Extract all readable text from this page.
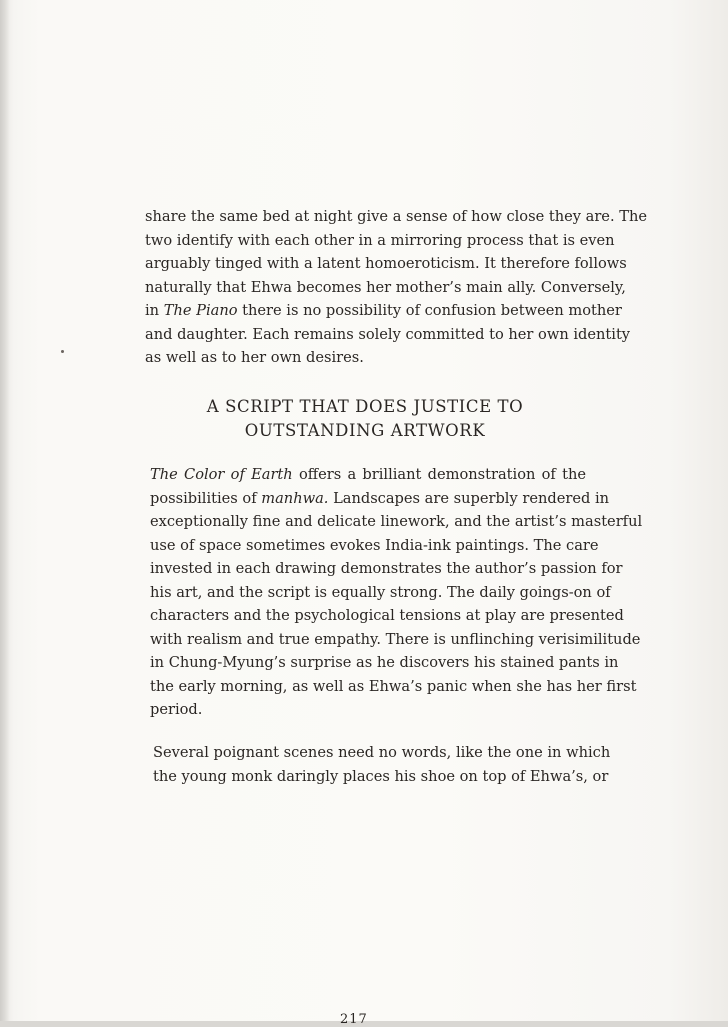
share the same bed at night give a sense of how close they are. The
two identify with each other in a mirroring process that is even
arguably tinged with a latent homoeroticism. It therefore follows
naturally that Ehwa becomes her mother’s main ally. Conversely,
in The Piano there is no possibility of confusion between mother
and daughter. Each remains solely committed to her own identity
as well as to her own desires.
A SCRIPT THAT DOES JUSTICE TO
OUTSTANDING ARTWORK
The Color of Earth offers a brilliant demonstration of the
possibilities of manhwa. Landscapes are superbly rendered in
exceptionally fine and delicate linework, and the artist’s masterful
use of space sometimes evokes India-ink paintings. The care
invested in each drawing demonstrates the author’s passion for
his art, and the script is equally strong. The daily goings-on of
characters and the psychological tensions at play are presented
with realism and true empathy. There is unflinching verisimilitude
in Chung-Myung’s surprise as he discovers his stained pants in
the early morning, as well as Ehwa’s panic when she has her first
period.
Several poignant scenes need no words, like the one in which
the young monk daringly places his shoe on top of Ehwa’s, or
217
